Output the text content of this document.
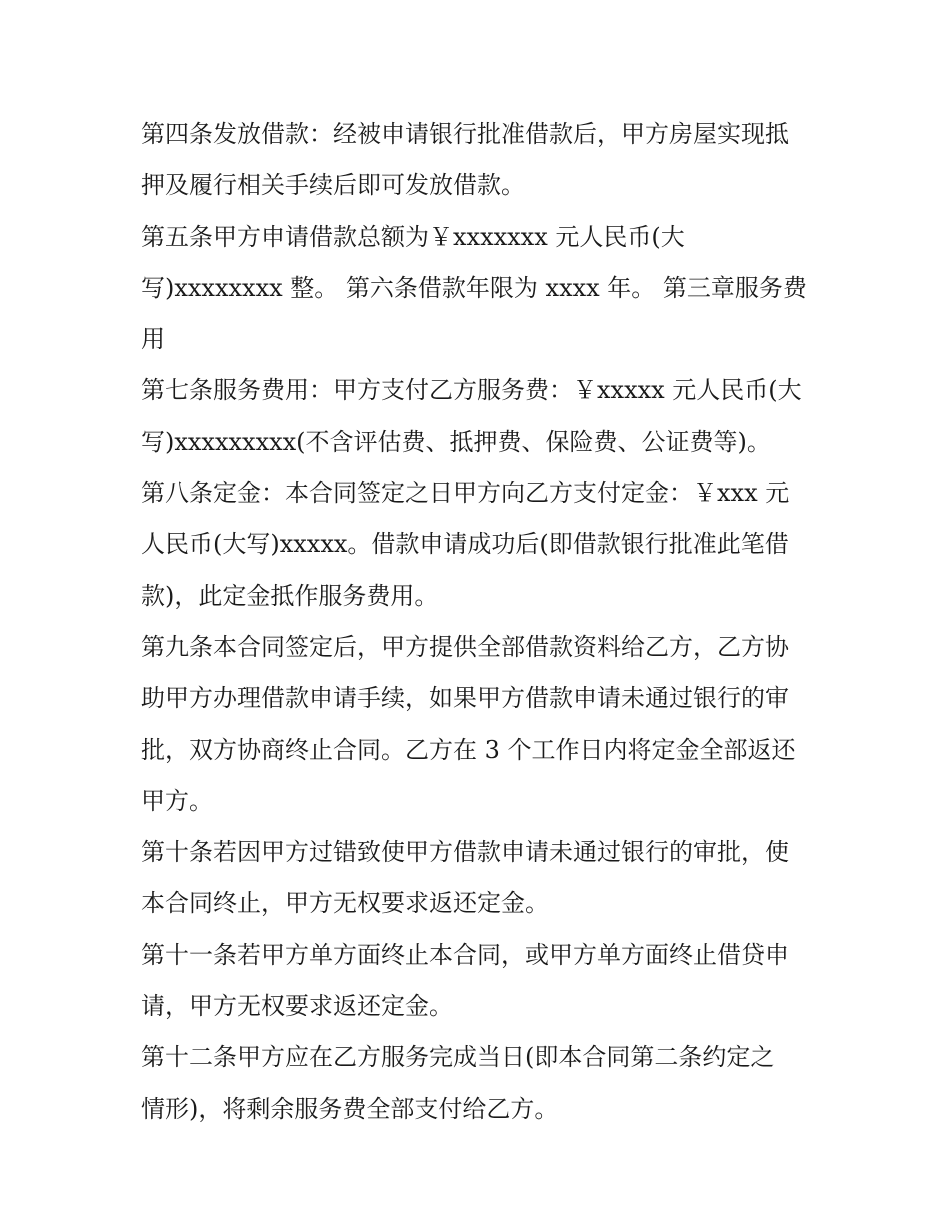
第四条发放借款：经被申请银行批准借款后，甲方房屋实现抵
押及履行相关手续后即可发放借款。
第五条甲方申请借款总额为￥xxxxxxx 元人民币(大
写)xxxxxxxx 整。 第六条借款年限为 xxxx 年。 第三章服务费
用
第七条服务费用：甲方支付乙方服务费：￥xxxxx 元人民币(大
写)xxxxxxxxx(不含评估费、抵押费、保险费、公证费等)。
第八条定金：本合同签定之日甲方向乙方支付定金：￥xxx 元
人民币(大写)xxxxx。借款申请成功后(即借款银行批准此笔借
款)，此定金抵作服务费用。
第九条本合同签定后，甲方提供全部借款资料给乙方，乙方协
助甲方办理借款申请手续，如果甲方借款申请未通过银行的审
批，双方协商终止合同。乙方在 3 个工作日内将定金全部返还
甲方。
第十条若因甲方过错致使甲方借款申请未通过银行的审批，使
本合同终止，甲方无权要求返还定金。
第十一条若甲方单方面终止本合同，或甲方单方面终止借贷申
请，甲方无权要求返还定金。
第十二条甲方应在乙方服务完成当日(即本合同第二条约定之
情形)，将剩余服务费全部支付给乙方。
